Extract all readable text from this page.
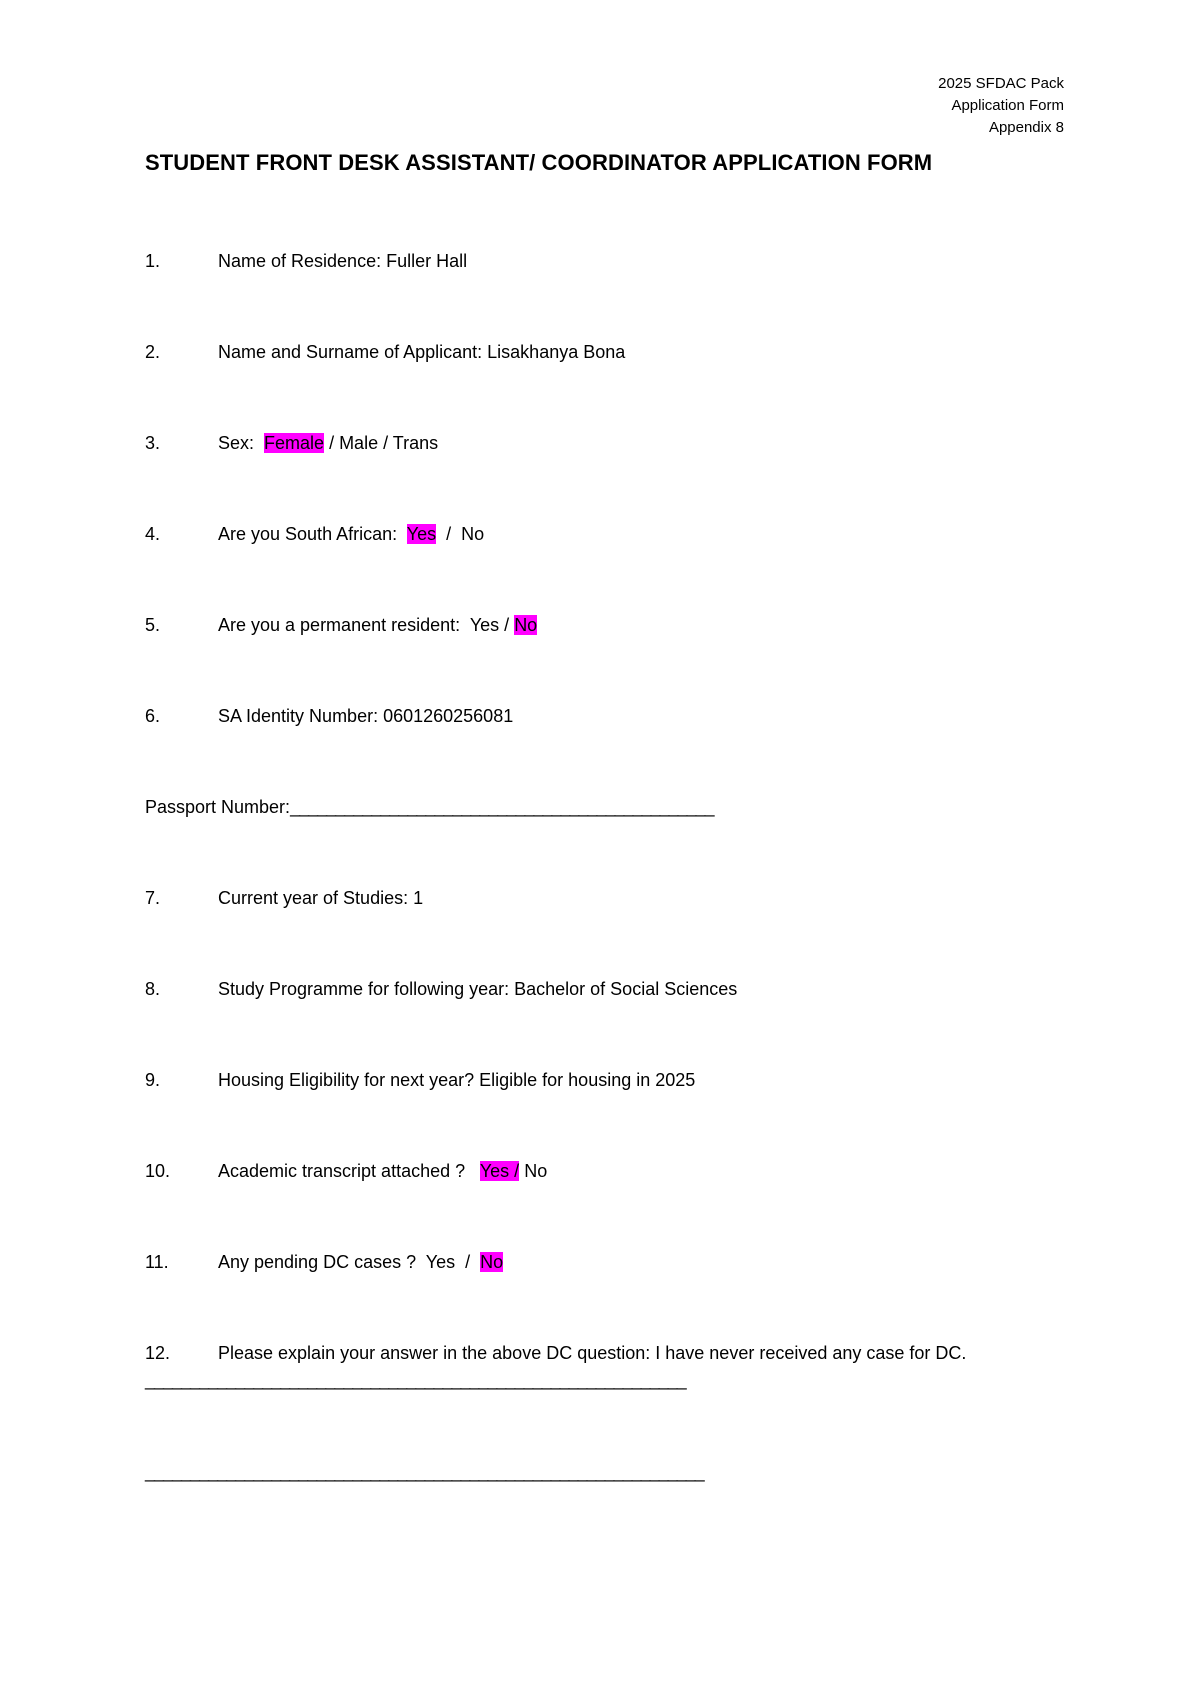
2025 SFDAC Pack
Application Form
Appendix 8
STUDENT FRONT DESK ASSISTANT/ COORDINATOR APPLICATION FORM
1.	Name of Residence: Fuller Hall
2.	Name and Surname of Applicant: Lisakhanya Bona
3.	Sex:  Female / Male / Trans
4.	Are you South African:  Yes  /  No
5.	Are you a permanent resident:  Yes / No
6.	SA Identity Number: 0601260256081
Passport Number:_______________________________________________
7.	Current year of Studies: 1
8.	Study Programme for following year: Bachelor of Social Sciences
9.	Housing Eligibility for next year? Eligible for housing in 2025
10.	Academic transcript attached ?   Yes / No
11.	Any pending DC cases ?  Yes  /  No
12.	Please explain your answer in the above DC question: I have never received any case for DC.
____________________________________________________________
______________________________________________________________
